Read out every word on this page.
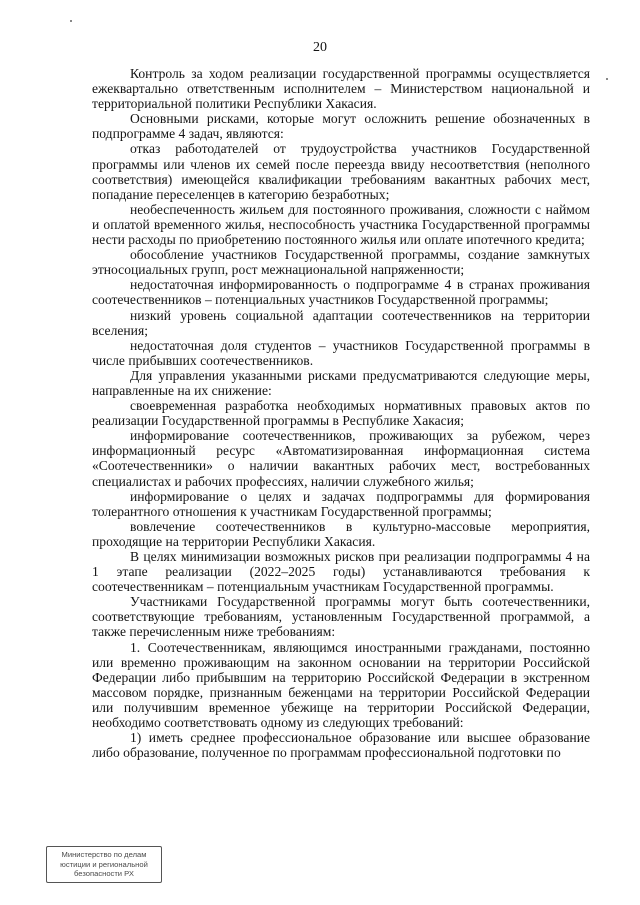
20

Контроль за ходом реализации государственной программы осуществляется ежеквартально ответственным исполнителем – Министерством национальной и территориальной политики Республики Хакасия.

Основными рисками, которые могут осложнить решение обозначенных в подпрограмме 4 задач, являются:

отказ работодателей от трудоустройства участников Государственной программы или членов их семей после переезда ввиду несоответствия (неполного соответствия) имеющейся квалификации требованиям вакантных рабочих мест, попадание переселенцев в категорию безработных;

необеспеченность жильем для постоянного проживания, сложности с наймом и оплатой временного жилья, неспособность участника Государственной программы нести расходы по приобретению постоянного жилья или оплате ипотечного кредита;

обособление участников Государственной программы, создание замкнутых этносоциальных групп, рост межнациональной напряженности;

недостаточная информированность о подпрограмме 4 в странах проживания соотечественников – потенциальных участников Государственной программы;

низкий уровень социальной адаптации соотечественников на территории вселения;

недостаточная доля студентов – участников Государственной программы в числе прибывших соотечественников.

Для управления указанными рисками предусматриваются следующие меры, направленные на их снижение:

своевременная разработка необходимых нормативных правовых актов по реализации Государственной программы в Республике Хакасия;

информирование соотечественников, проживающих за рубежом, через информационный ресурс «Автоматизированная информационная система «Соотечественники» о наличии вакантных рабочих мест, востребованных специалистах и рабочих профессиях, наличии служебного жилья;

информирование о целях и задачах подпрограммы для формирования толерантного отношения к участникам Государственной программы;

вовлечение соотечественников в культурно-массовые мероприятия, проходящие на территории Республики Хакасия.

В целях минимизации возможных рисков при реализации подпрограммы 4 на 1 этапе реализации (2022–2025 годы) устанавливаются требования к соотечественникам – потенциальным участникам Государственной программы.

Участниками Государственной программы могут быть соотечественники, соответствующие требованиям, установленным Государственной программой, а также перечисленным ниже требованиям:

1. Соотечественникам, являющимся иностранными гражданами, постоянно или временно проживающим на законном основании на территории Российской Федерации либо прибывшим на территорию Российской Федерации в экстренном массовом порядке, признанным беженцами на территории Российской Федерации или получившим временное убежище на территории Российской Федерации, необходимо соответствовать одному из следующих требований:

1) иметь среднее профессиональное образование или высшее образование либо образование, полученное по программам профессиональной подготовки по

Министерство по делам
юстиции и региональной
безопасности РХ
